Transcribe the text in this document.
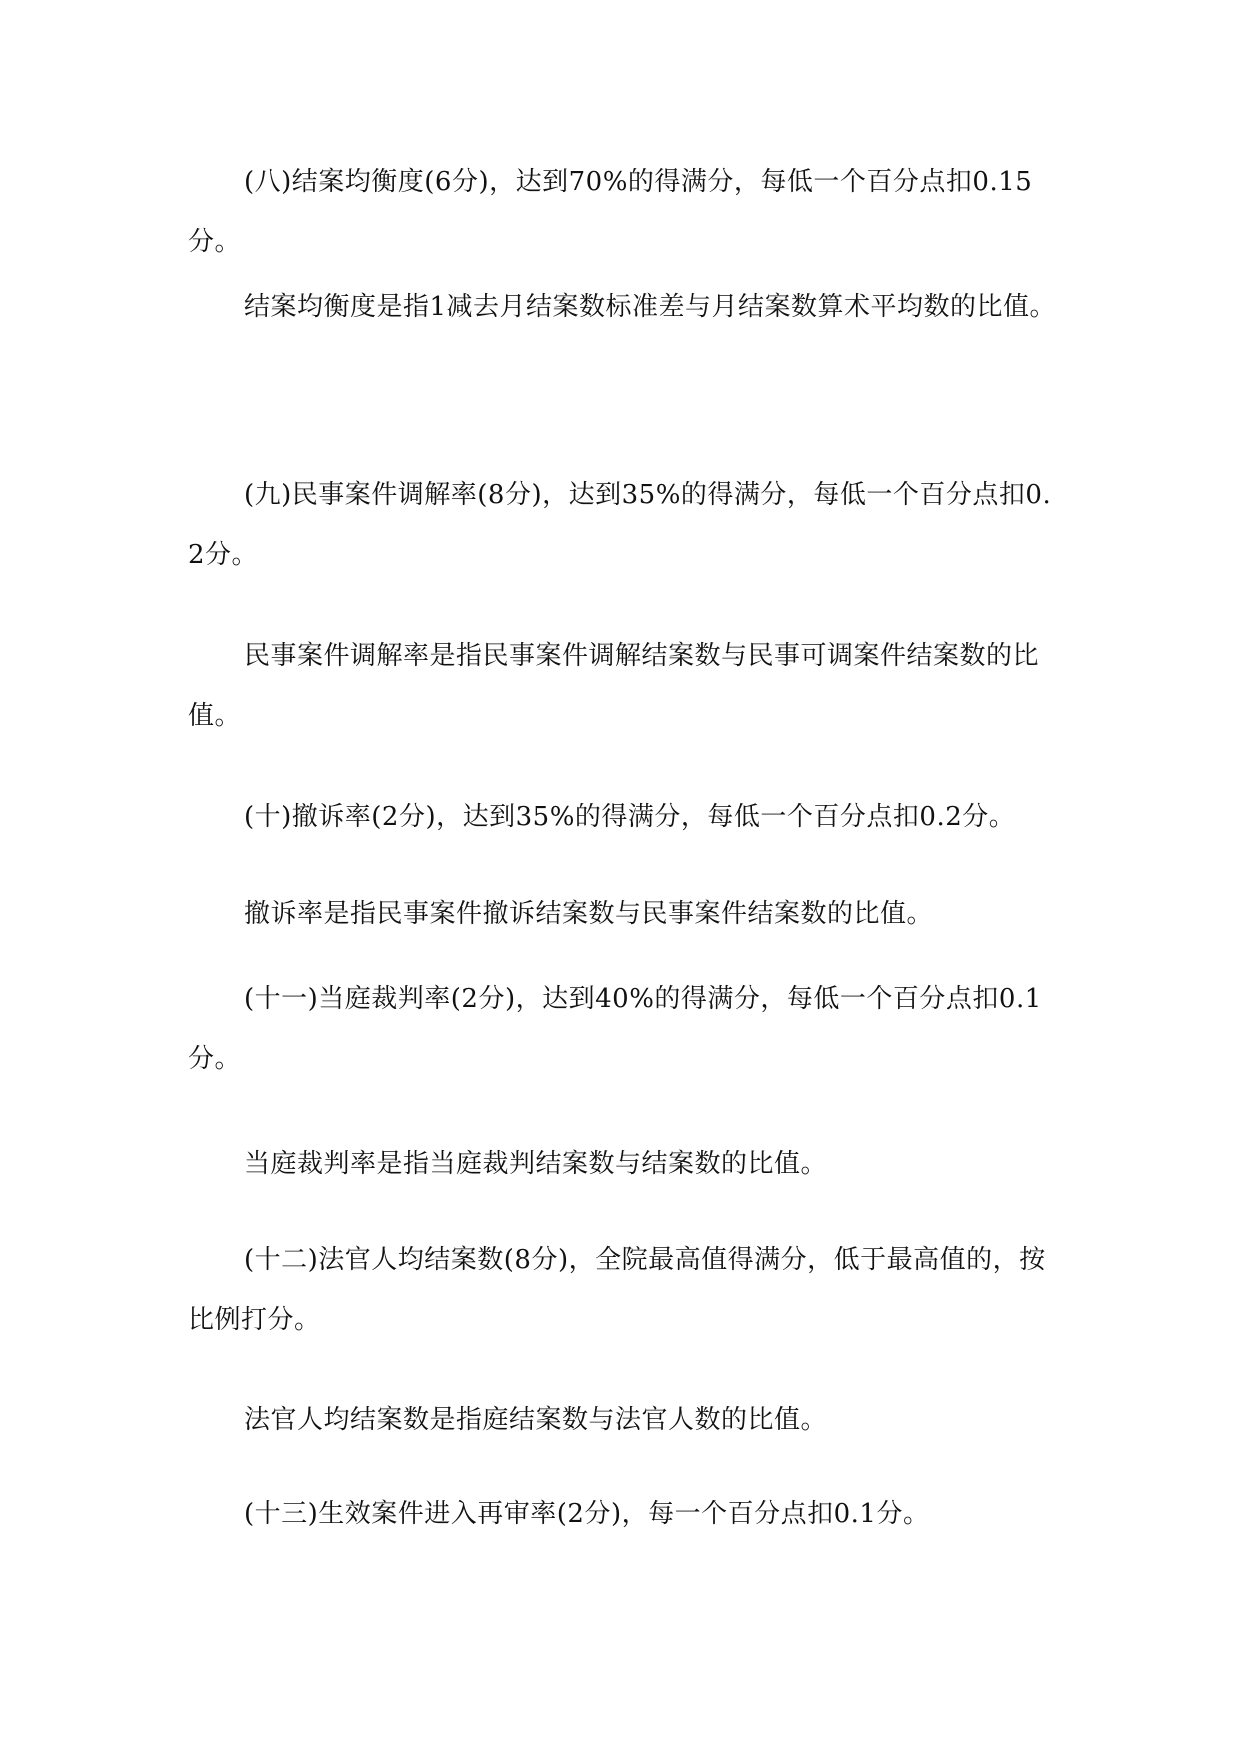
(八)结案均衡度(6分)，达到70%的得满分，每低一个百分点扣0.15分。

结案均衡度是指1减去月结案数标准差与月结案数算术平均数的比值。

(九)民事案件调解率(8分)，达到35%的得满分，每低一个百分点扣0.2分。

民事案件调解率是指民事案件调解结案数与民事可调案件结案数的比值。

(十)撤诉率(2分)，达到35%的得满分，每低一个百分点扣0.2分。

撤诉率是指民事案件撤诉结案数与民事案件结案数的比值。

(十一)当庭裁判率(2分)，达到40%的得满分，每低一个百分点扣0.1分。

当庭裁判率是指当庭裁判结案数与结案数的比值。

(十二)法官人均结案数(8分)，全院最高值得满分，低于最高值的，按比例打分。

法官人均结案数是指庭结案数与法官人数的比值。

(十三)生效案件进入再审率(2分)，每一个百分点扣0.1分。
